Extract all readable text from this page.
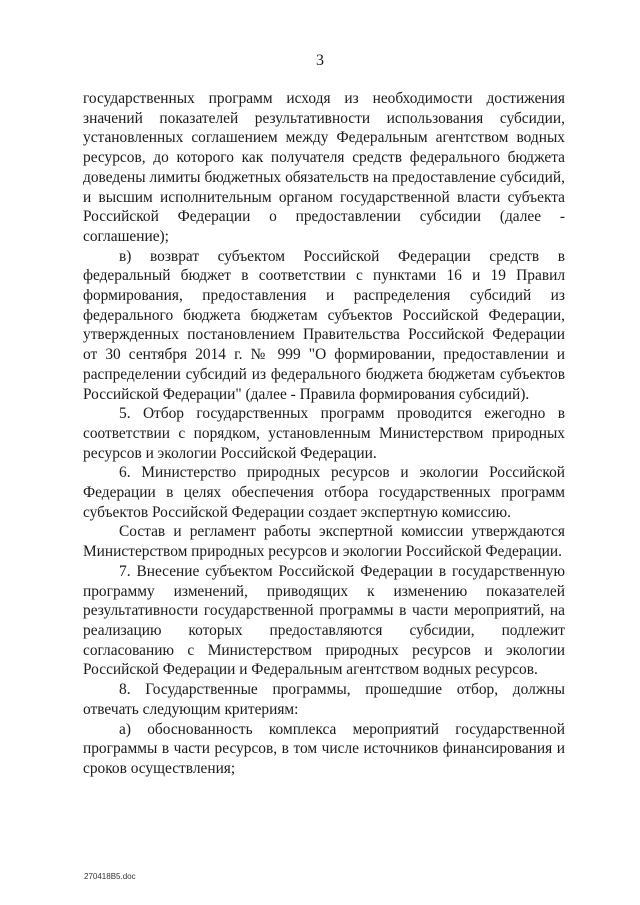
3

государственных программ исходя из необходимости достижения значений показателей результативности использования субсидии, установленных соглашением между Федеральным агентством водных ресурсов, до которого как получателя средств федерального бюджета доведены лимиты бюджетных обязательств на предоставление субсидий, и высшим исполнительным органом государственной власти субъекта Российской Федерации о предоставлении субсидии (далее - соглашение);

в) возврат субъектом Российской Федерации средств в федеральный бюджет в соответствии с пунктами 16 и 19 Правил формирования, предоставления и распределения субсидий из федерального бюджета бюджетам субъектов Российской Федерации, утвержденных постановлением Правительства Российской Федерации от 30 сентября 2014 г. № 999 "О формировании, предоставлении и распределении субсидий из федерального бюджета бюджетам субъектов Российской Федерации" (далее - Правила формирования субсидий).

5. Отбор государственных программ проводится ежегодно в соответствии с порядком, установленным Министерством природных ресурсов и экологии Российской Федерации.

6. Министерство природных ресурсов и экологии Российской Федерации в целях обеспечения отбора государственных программ субъектов Российской Федерации создает экспертную комиссию.

Состав и регламент работы экспертной комиссии утверждаются Министерством природных ресурсов и экологии Российской Федерации.

7. Внесение субъектом Российской Федерации в государственную программу изменений, приводящих к изменению показателей результативности государственной программы в части мероприятий, на реализацию которых предоставляются субсидии, подлежит согласованию с Министерством природных ресурсов и экологии Российской Федерации и Федеральным агентством водных ресурсов.

8. Государственные программы, прошедшие отбор, должны отвечать следующим критериям:

а) обоснованность комплекса мероприятий государственной программы в части ресурсов, в том числе источников финансирования и сроков осуществления;

270418B5.doc
